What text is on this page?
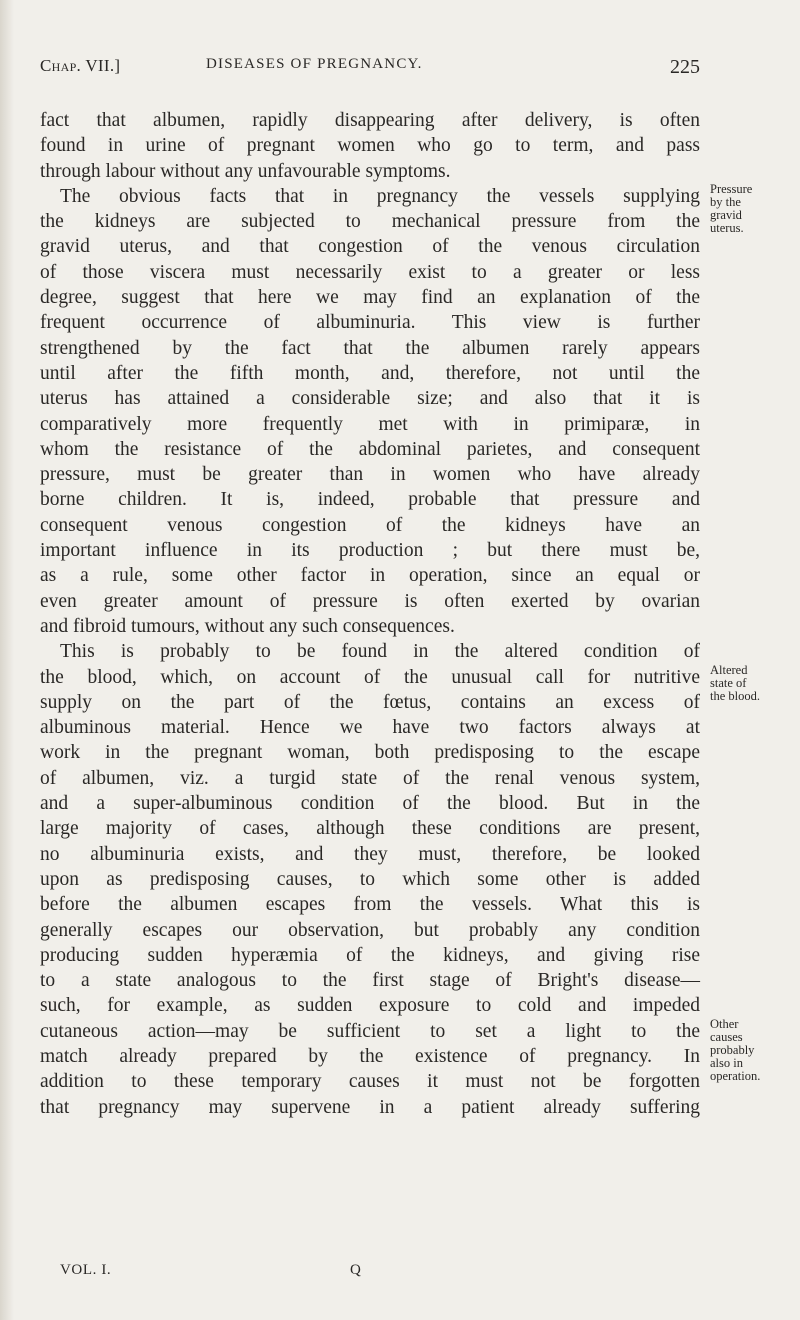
Chap. VII.]	DISEASES OF PREGNANCY.	225
fact that albumen, rapidly disappearing after delivery, is often
found in urine of pregnant women who go to term, and pass
through labour without any unfavourable symptoms.
The obvious facts that in pregnancy the vessels supplying
the kidneys are subjected to mechanical pressure from the
gravid uterus, and that congestion of the venous circulation
of those viscera must necessarily exist to a greater or less
degree, suggest that here we may find an explanation of the
frequent occurrence of albuminuria. This view is further
strengthened by the fact that the albumen rarely appears
until after the fifth month, and, therefore, not until the
uterus has attained a considerable size; and also that it is
comparatively more frequently met with in primiparæ, in
whom the resistance of the abdominal parietes, and consequent
pressure, must be greater than in women who have already
borne children. It is, indeed, probable that pressure and
consequent venous congestion of the kidneys have an
important influence in its production ; but there must be,
as a rule, some other factor in operation, since an equal or
even greater amount of pressure is often exerted by ovarian
and fibroid tumours, without any such consequences.
This is probably to be found in the altered condition of
the blood, which, on account of the unusual call for nutritive
supply on the part of the fœtus, contains an excess of
albuminous material. Hence we have two factors always at
work in the pregnant woman, both predisposing to the escape
of albumen, viz. a turgid state of the renal venous system,
and a super-albuminous condition of the blood. But in the
large majority of cases, although these conditions are present,
no albuminuria exists, and they must, therefore, be looked
upon as predisposing causes, to which some other is added
before the albumen escapes from the vessels. What this is
generally escapes our observation, but probably any condition
producing sudden hyperæmia of the kidneys, and giving rise
to a state analogous to the first stage of Bright's disease—
such, for example, as sudden exposure to cold and impeded
cutaneous action—may be sufficient to set a light to the
match already prepared by the existence of pregnancy. In
addition to these temporary causes it must not be forgotten
that pregnancy may supervene in a patient already suffering
Pressure
by the
gravid
uterus.
Altered
state of
the blood.
Other
causes
probably
also in
operation.
VOL. I.	Q
